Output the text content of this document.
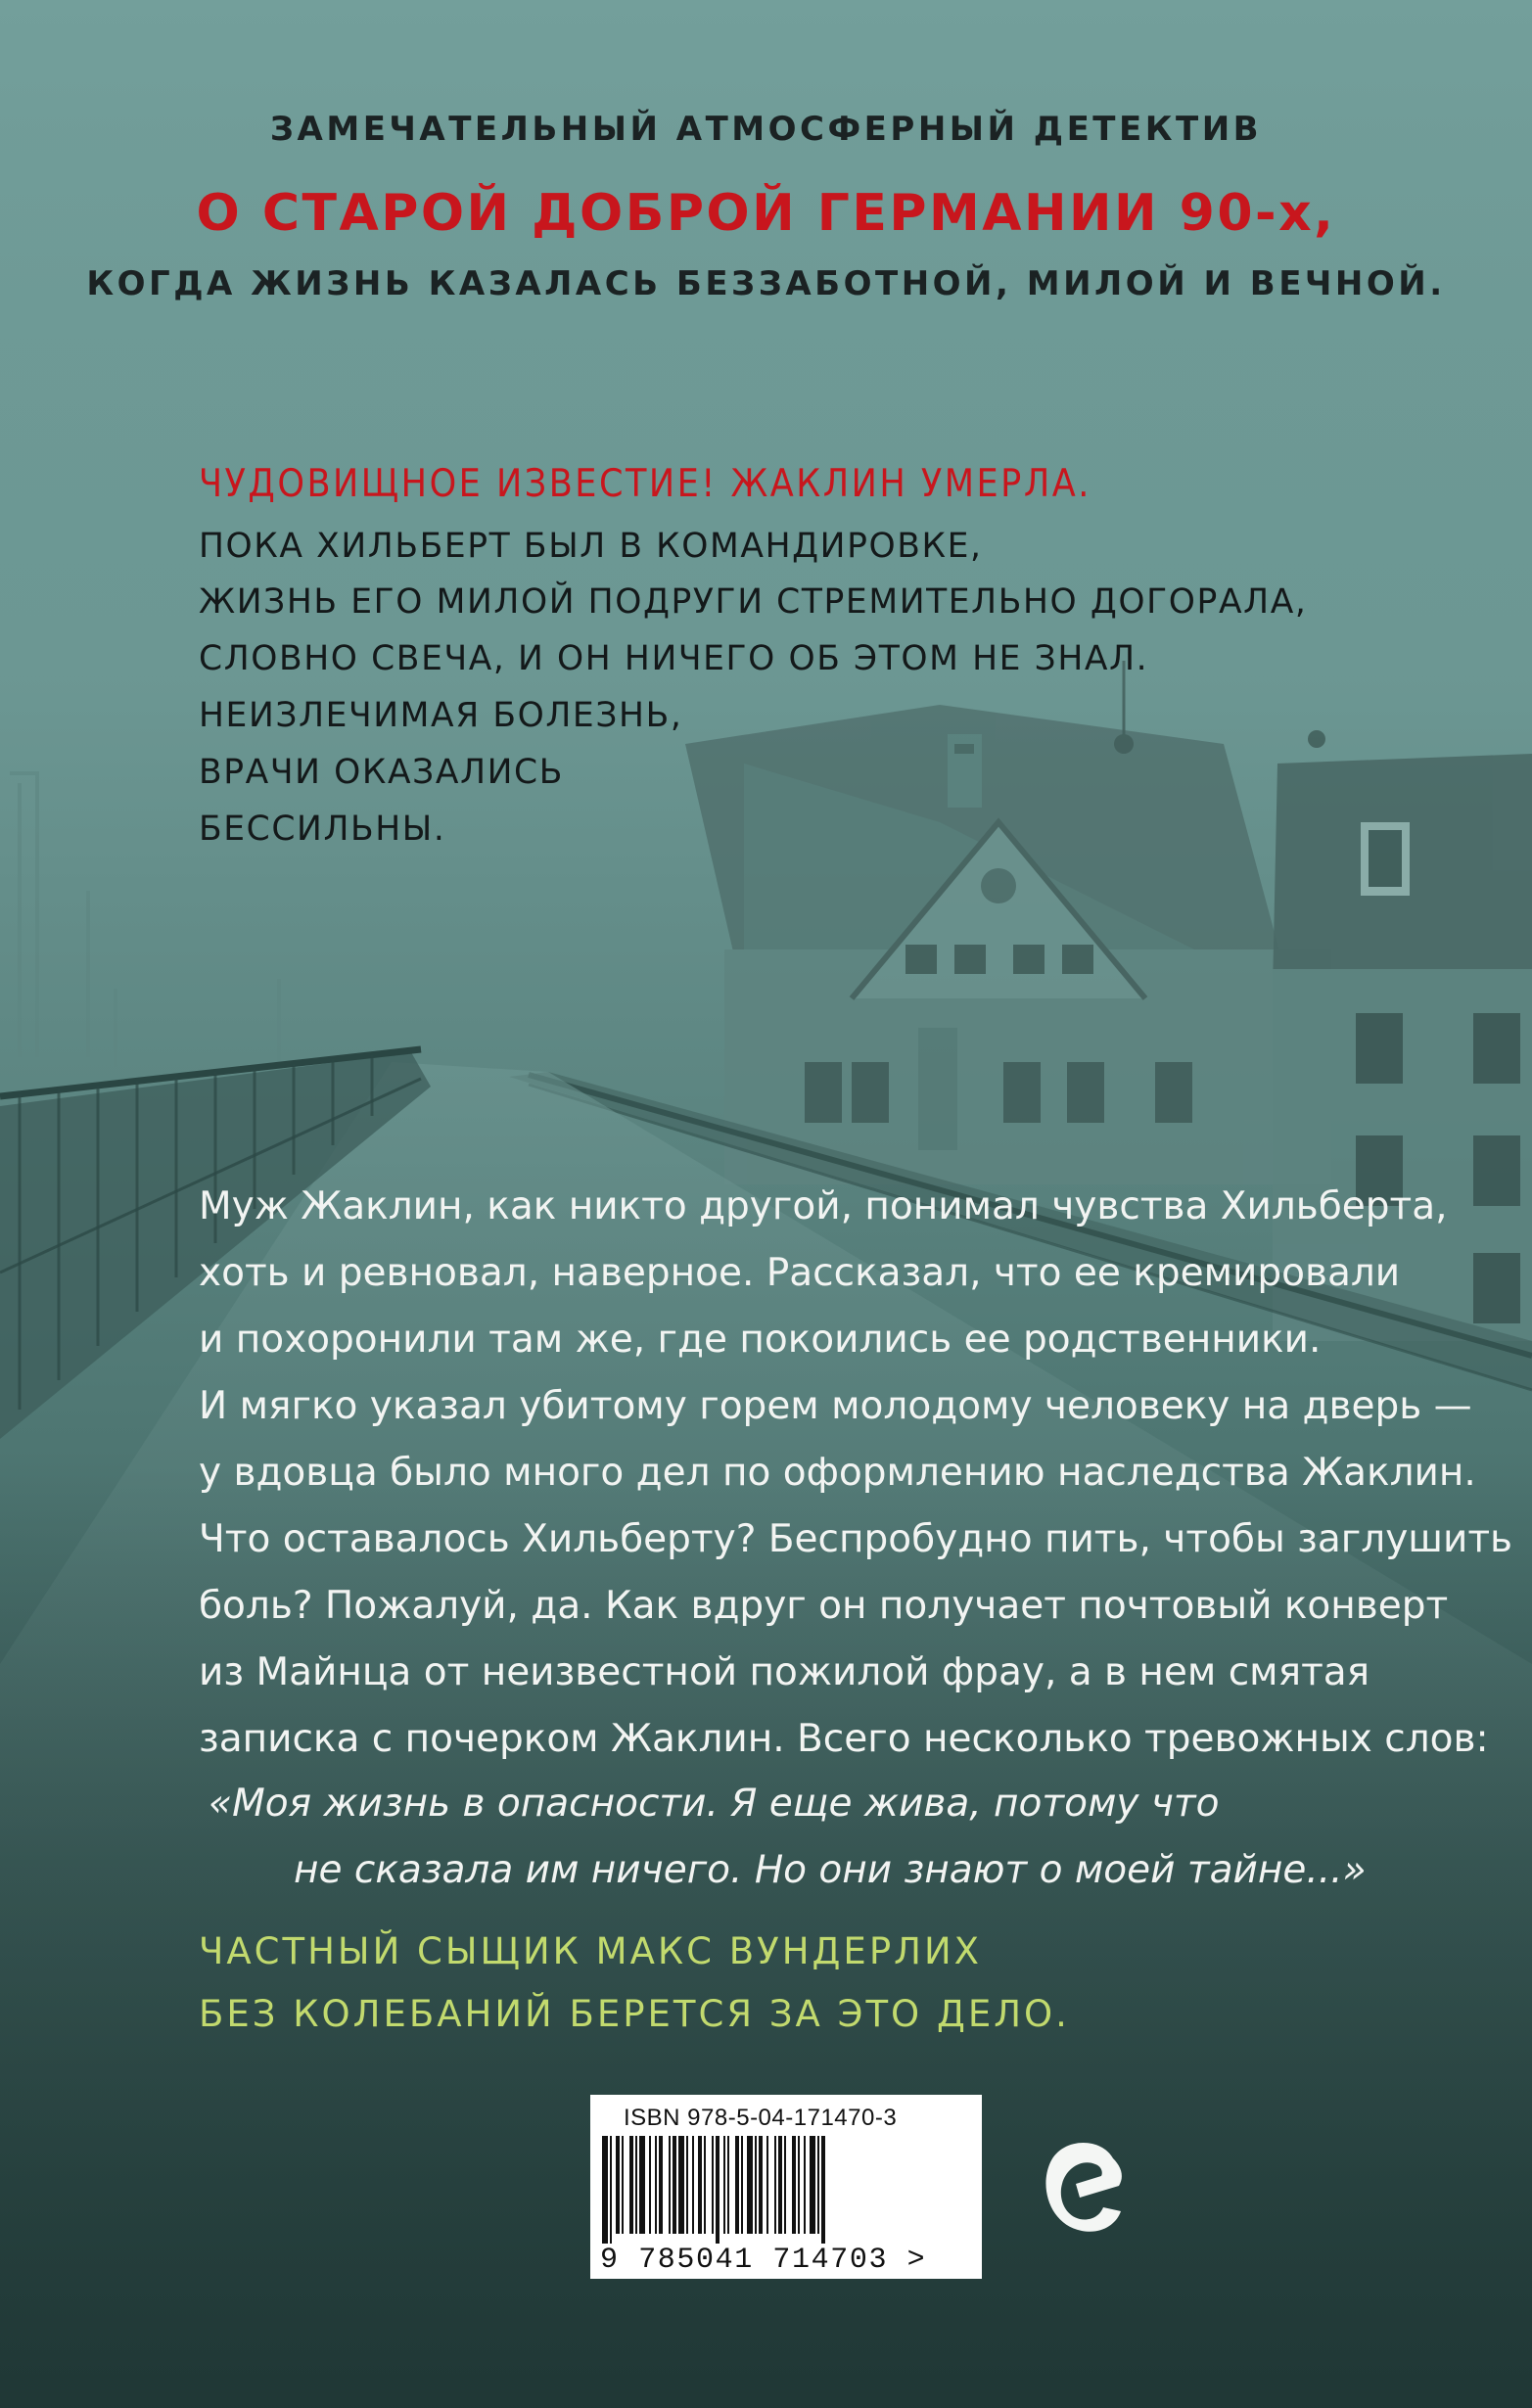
ЗАМЕЧАТЕЛЬНЫЙ АТМОСФЕРНЫЙ ДЕТЕКТИВ
О СТАРОЙ ДОБРОЙ ГЕРМАНИИ 90-х,
КОГДА ЖИЗНЬ КАЗАЛАСЬ БЕЗЗАБОТНОЙ, МИЛОЙ И ВЕЧНОЙ.
ЧУДОВИЩНОЕ ИЗВЕСТИЕ! ЖАКЛИН УМЕРЛА.
ПОКА ХИЛЬБЕРТ БЫЛ В КОМАНДИРОВКЕ,
ЖИЗНЬ ЕГО МИЛОЙ ПОДРУГИ СТРЕМИТЕЛЬНО ДОГОРАЛА,
СЛОВНО СВЕЧА, И ОН НИЧЕГО ОБ ЭТОМ НЕ ЗНАЛ.
НЕИЗЛЕЧИМАЯ БОЛЕЗНЬ,
ВРАЧИ ОКАЗАЛИСЬ
БЕССИЛЬНЫ.
Муж Жаклин, как никто другой, понимал чувства Хильберта,
хоть и ревновал, наверное. Рассказал, что ее кремировали
и похоронили там же, где покоились ее родственники.
И мягко указал убитому горем молодому человеку на дверь —
у вдовца было много дел по оформлению наследства Жаклин.
Что оставалось Хильберту? Беспробудно пить, чтобы заглушить
боль? Пожалуй, да. Как вдруг он получает почтовый конверт
из Майнца от неизвестной пожилой фрау, а в нем смятая
записка с почерком Жаклин. Всего несколько тревожных слов:
«Моя жизнь в опасности. Я еще жива, потому что
не сказала им ничего. Но они знают о моей тайне...»
ЧАСТНЫЙ СЫЩИК МАКС ВУНДЕРЛИХ
БЕЗ КОЛЕБАНИЙ БЕРЕТСЯ ЗА ЭТО ДЕЛО.
ISBN 978-5-04-171470-3
9 785041 714703 >
